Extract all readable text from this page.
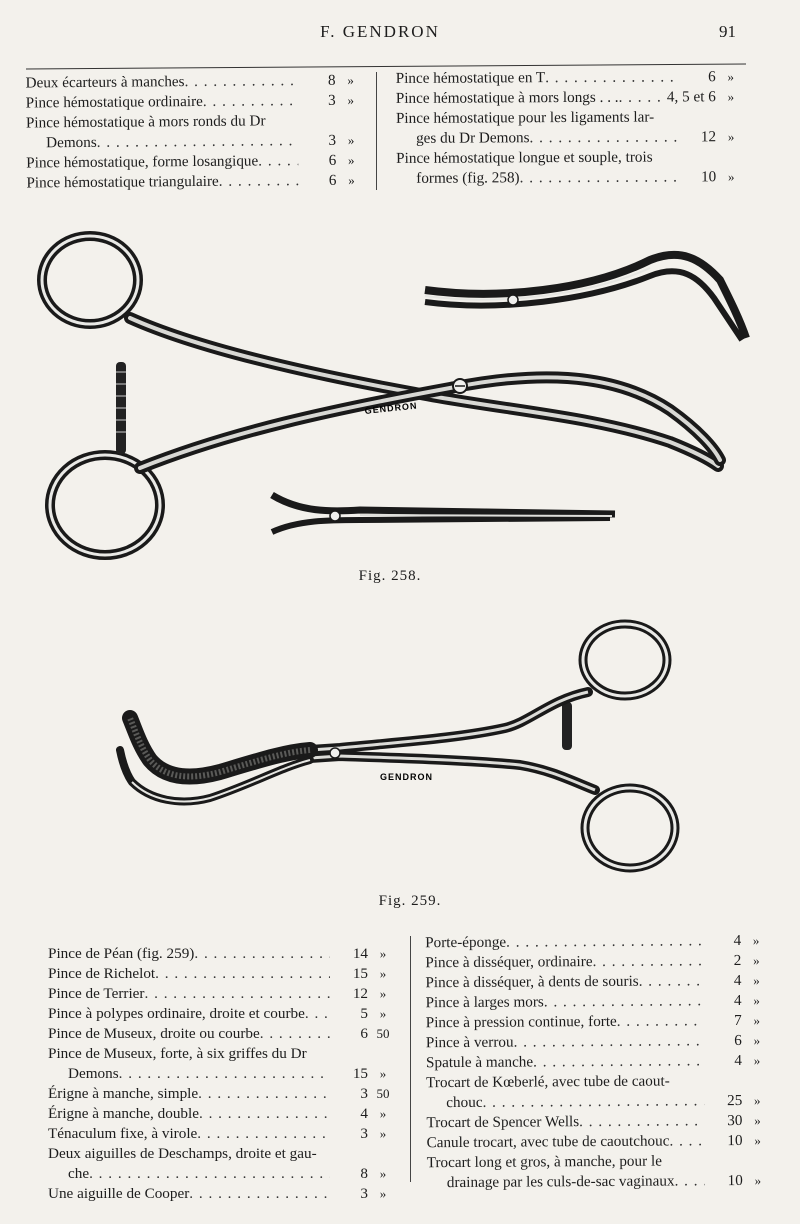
F. GENDRON	91
Deux écarteurs à manches . . .	8 »
Pince hémostatique ordinaire . . .	3 »
Pince hémostatique à mors ronds du Dr
Demons . . .	3 »
Pince hémostatique, forme losangique . . .	6 »
Pince hémostatique triangulaire . . .	6 »
Pince hémostatique en T . . .	6 »
Pince hémostatique à mors longs . . . . . .	4, 5 et 6 »
Pince hémostatique pour les ligaments lar-
ges du Dr Demons . . .	12 »
Pince hémostatique longue et souple, trois
formes (fig. 258) . . .	10 »
Pince de Péan (fig. 259) . . .	14 »
Pince de Richelot . . .	15 »
Pince de Terrier . . .	12 »
Pince à polypes ordinaire, droite et courbe . . .	5 »
Pince de Museux, droite ou courbe . . .	6 50
Pince de Museux, forte, à six griffes du Dr
Demons . . .	15 »
Érigne à manche, simple . . .	3 50
Érigne à manche, double . . .	4 »
Ténaculum fixe, à virole . . .	3 »
Deux aiguilles de Deschamps, droite et gau-
che . . .	8 »
Une aiguille de Cooper . . .	3 »
Porte-éponge . . .	4 »
Pince à disséquer, ordinaire . . .	2 »
Pince à disséquer, à dents de souris . . .	4 »
Pince à larges mors . . .	4 »
Pince à pression continue, forte . . .	7 »
Pince à verrou . . .	6 »
Spatule à manche . . .	4 »
Trocart de Kœberlé, avec tube de caout-
chouc . . .	25 »
Trocart de Spencer Wells . . .	30 »
Canule trocart, avec tube de caoutchouc . . .	10 »
Trocart long et gros, à manche, pour le
drainage par les culs-de-sac vaginaux . . .	10 »
GENDRON
Fig. 258.
GENDRON
Fig. 259.
